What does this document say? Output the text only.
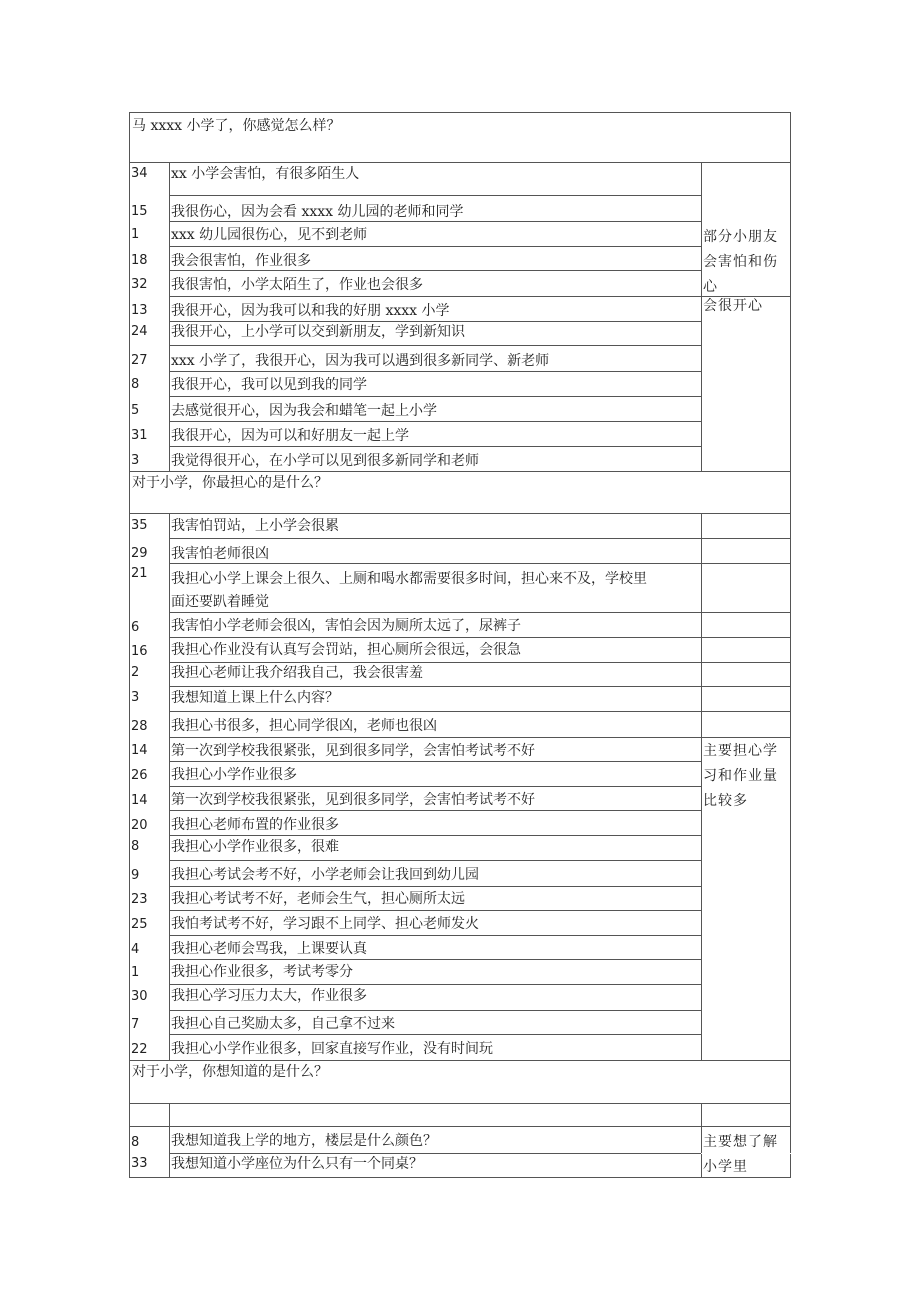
马 xxxx 小学了，你感觉怎么样？
34 xx 小学会害怕，有很多陌生人
15 我很伤心，因为会看 xxxx 幼儿园的老师和同学
1 xxx 幼儿园很伤心，见不到老师
18 我会很害怕，作业很多
32 我很害怕，小学太陌生了，作业也会很多
13 我很开心，因为我可以和我的好朋 xxxx 小学
24 我很开心，上小学可以交到新朋友，学到新知识
27 xxx 小学了，我很开心，因为我可以遇到很多新同学、新老师
8 我很开心，我可以见到我的同学
5 去感觉很开心，因为我会和蜡笔一起上小学
31 我很开心，因为可以和好朋友一起上学
3 我觉得很开心，在小学可以见到很多新同学和老师
部分小朋友会害怕和伤心
会很开心
对于小学，你最担心的是什么？
35 我害怕罚站，上小学会很累
29 我害怕老师很凶
21 我担心小学上课会上很久、上厕和喝水都需要很多时间，担心来不及，学校里
面还要趴着睡觉
6 我害怕小学老师会很凶，害怕会因为厕所太远了，尿裤子
16 我担心作业没有认真写会罚站，担心厕所会很远，会很急
2 我担心老师让我介绍我自己，我会很害羞
3 我想知道上课上什么内容？
28 我担心书很多，担心同学很凶，老师也很凶
14 第一次到学校我很紧张，见到很多同学，会害怕考试考不好
26 我担心小学作业很多
14 第一次到学校我很紧张，见到很多同学，会害怕考试考不好
20 我担心老师布置的作业很多
8 我担心小学作业很多，很难
9 我担心考试会考不好，小学老师会让我回到幼儿园
23 我担心考试考不好，老师会生气，担心厕所太远
25 我怕考试考不好，学习跟不上同学、担心老师发火
4 我担心老师会骂我，上课要认真
1 我担心作业很多，考试考零分
30 我担心学习压力太大，作业很多
7 我担心自己奖励太多，自己拿不过来
22 我担心小学作业很多，回家直接写作业，没有时间玩
主要担心学习和作业量比较多
对于小学，你想知道的是什么？
8 我想知道我上学的地方，楼层是什么颜色？
33 我想知道小学座位为什么只有一个同桌？
主要想了解小学里
